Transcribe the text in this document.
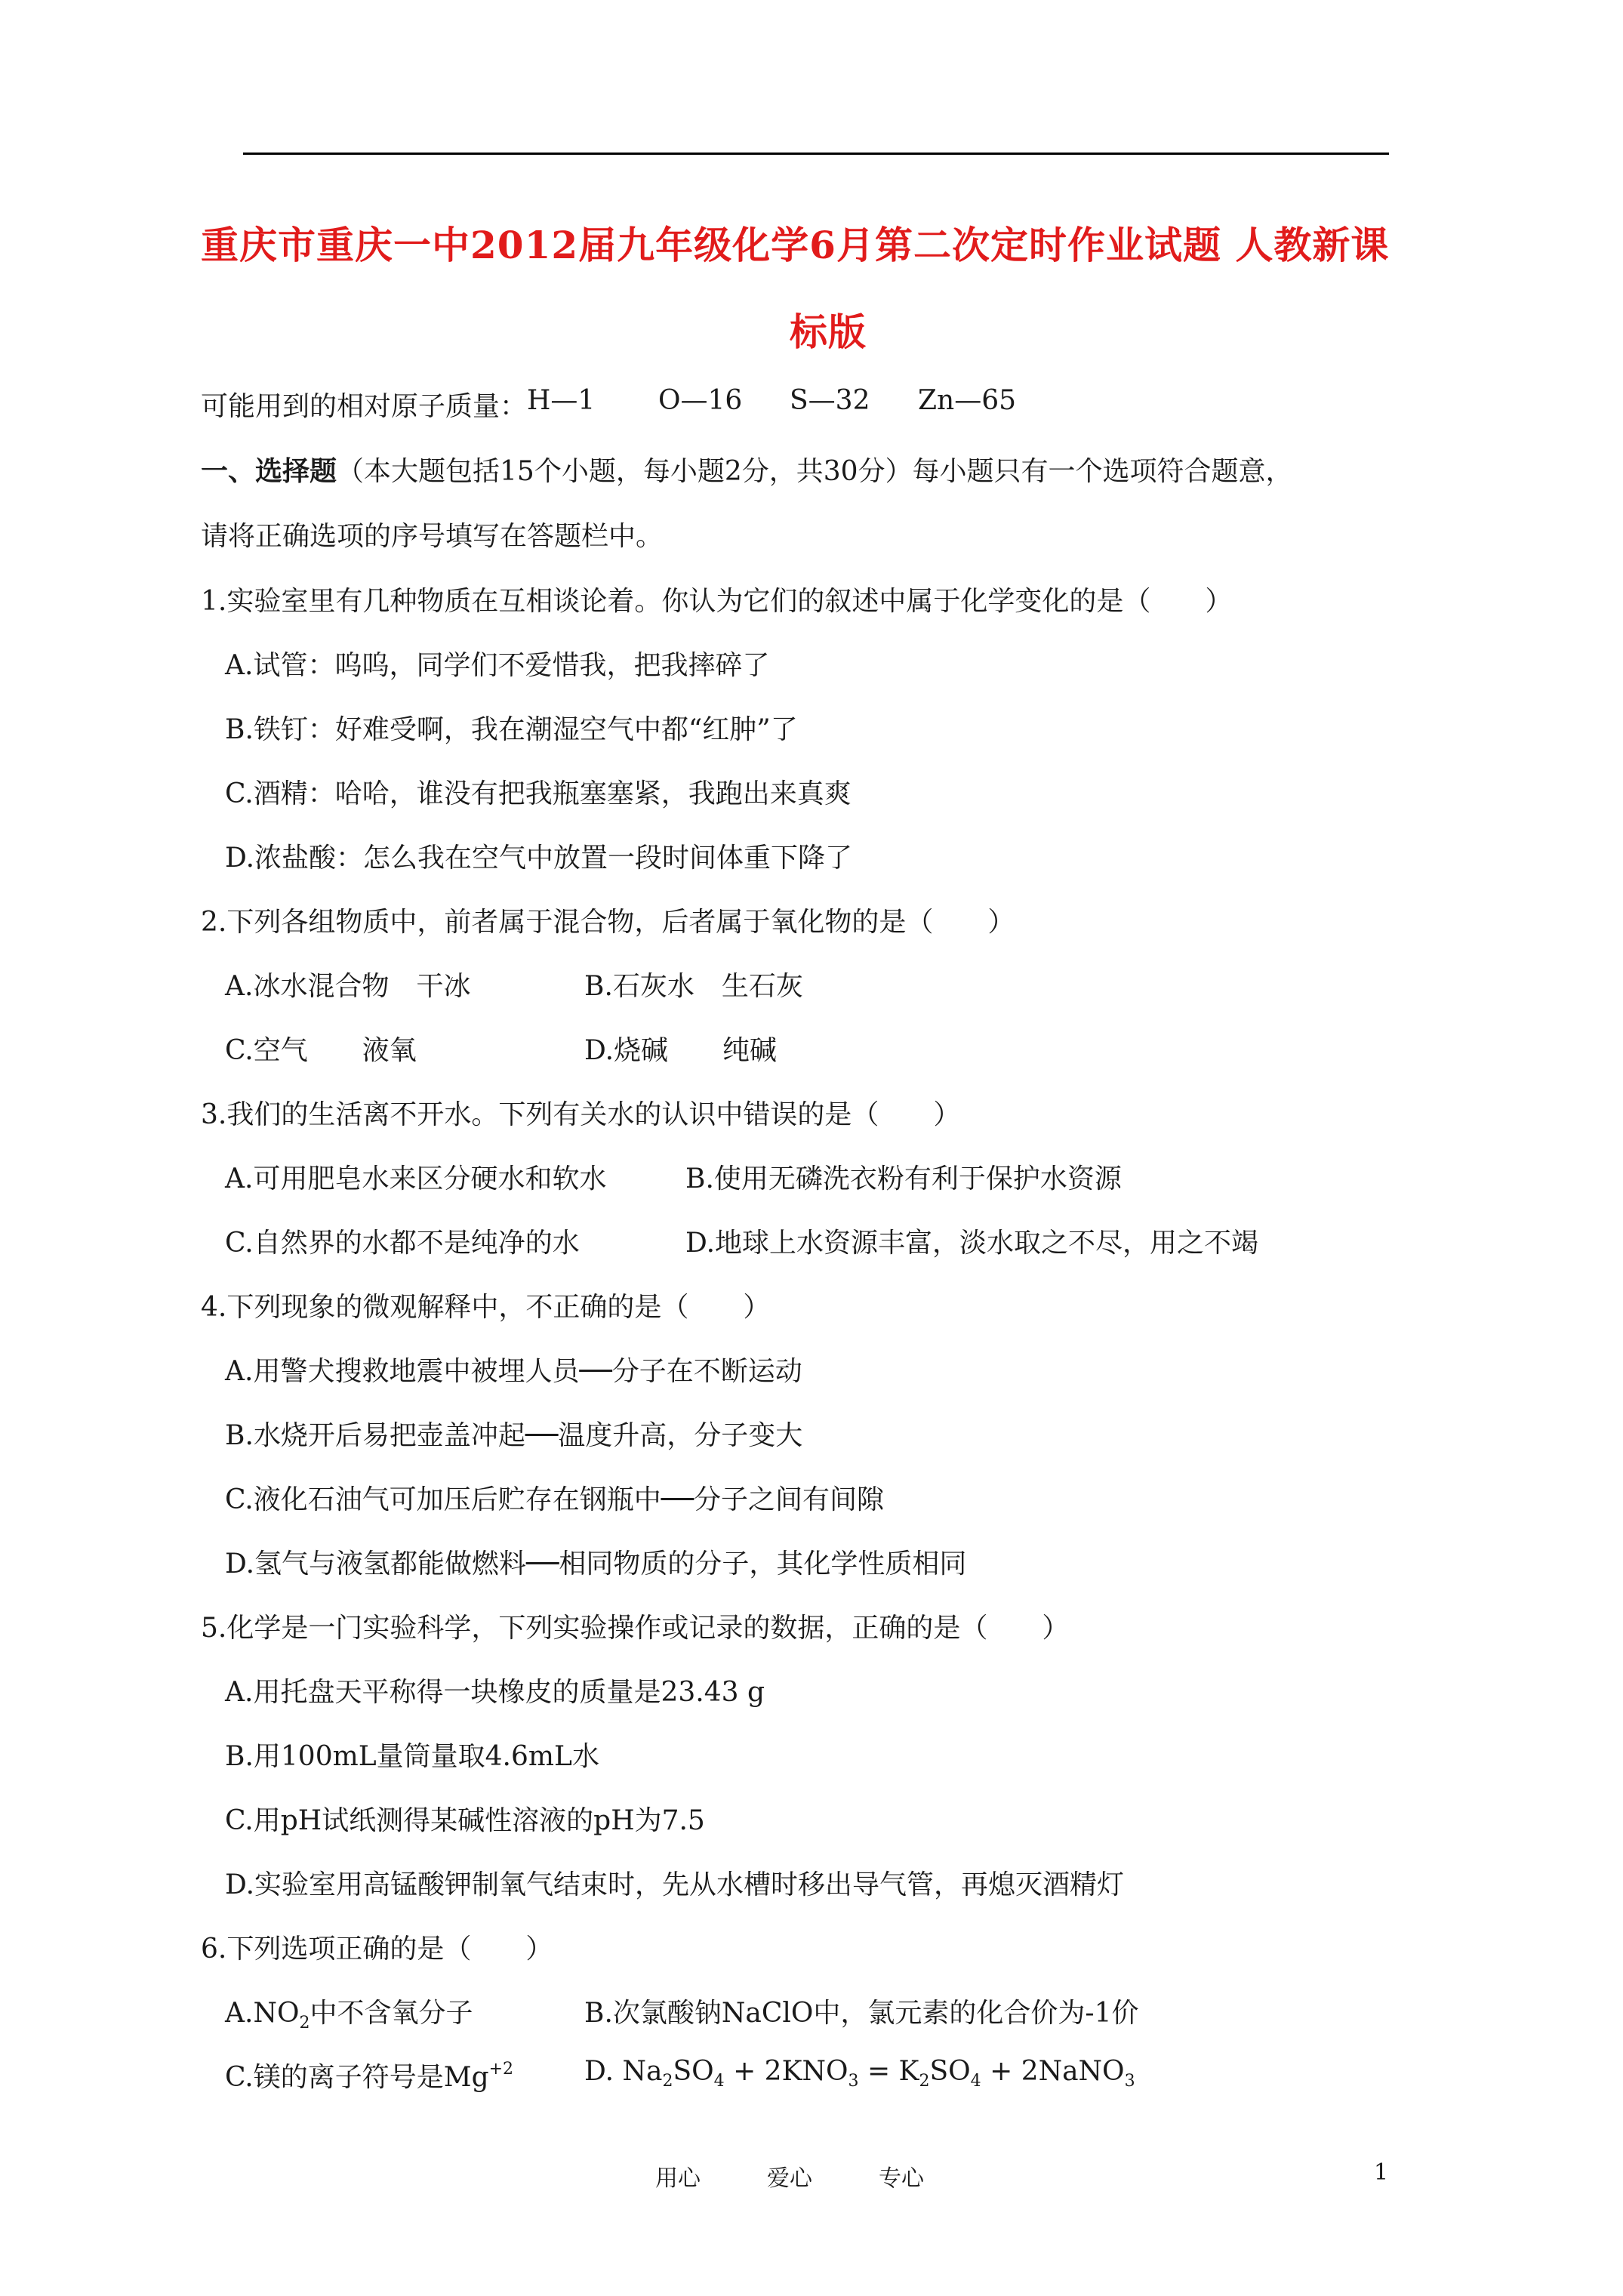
重庆市重庆一中2012届九年级化学6月第二次定时作业试题 人教新课
标版
可能用到的相对原子质量： H—1 O—16 S—32 Zn—65
一、选择题（本大题包括15个小题，每小题2分，共30分）每小题只有一个选项符合题意，
请将正确选项的序号填写在答题栏中。
1.实验室里有几种物质在互相谈论着。你认为它们的叙述中属于化学变化的是（　　）
A.试管：呜呜，同学们不爱惜我，把我摔碎了
B.铁钉：好难受啊，我在潮湿空气中都“红肿”了
C.酒精：哈哈，谁没有把我瓶塞塞紧，我跑出来真爽
D.浓盐酸：怎么我在空气中放置一段时间体重下降了
2.下列各组物质中，前者属于混合物，后者属于氧化物的是（　　）
A.冰水混合物　干冰	B.石灰水　生石灰
C.空气　　液氧	D.烧碱　　纯碱
3.我们的生活离不开水。下列有关水的认识中错误的是（　　）
A.可用肥皂水来区分硬水和软水	B.使用无磷洗衣粉有利于保护水资源
C.自然界的水都不是纯净的水	D.地球上水资源丰富，淡水取之不尽，用之不竭
4.下列现象的微观解释中，不正确的是（　　）
A.用警犬搜救地震中被埋人员──分子在不断运动
B.水烧开后易把壶盖冲起──温度升高，分子变大
C.液化石油气可加压后贮存在钢瓶中──分子之间有间隙
D.氢气与液氢都能做燃料──相同物质的分子，其化学性质相同
5.化学是一门实验科学，下列实验操作或记录的数据，正确的是（　　）
A.用托盘天平称得一块橡皮的质量是23.43 g
B.用100mL量筒量取4.6mL水
C.用pH试纸测得某碱性溶液的pH为7.5
D.实验室用高锰酸钾制氧气结束时，先从水槽时移出导气管，再熄灭酒精灯
6.下列选项正确的是（　　）
$A.NO_2$中不含氧分子	B.次氯酸钠NaClO中，氯元素的化合价为-1价
C.镁的离子符号是$Mg^{+2}$	D. $Na_2SO_4 + 2KNO_3 = K_2SO_4$ + 2NaNO$_3$
用心	爱心	专心	1
